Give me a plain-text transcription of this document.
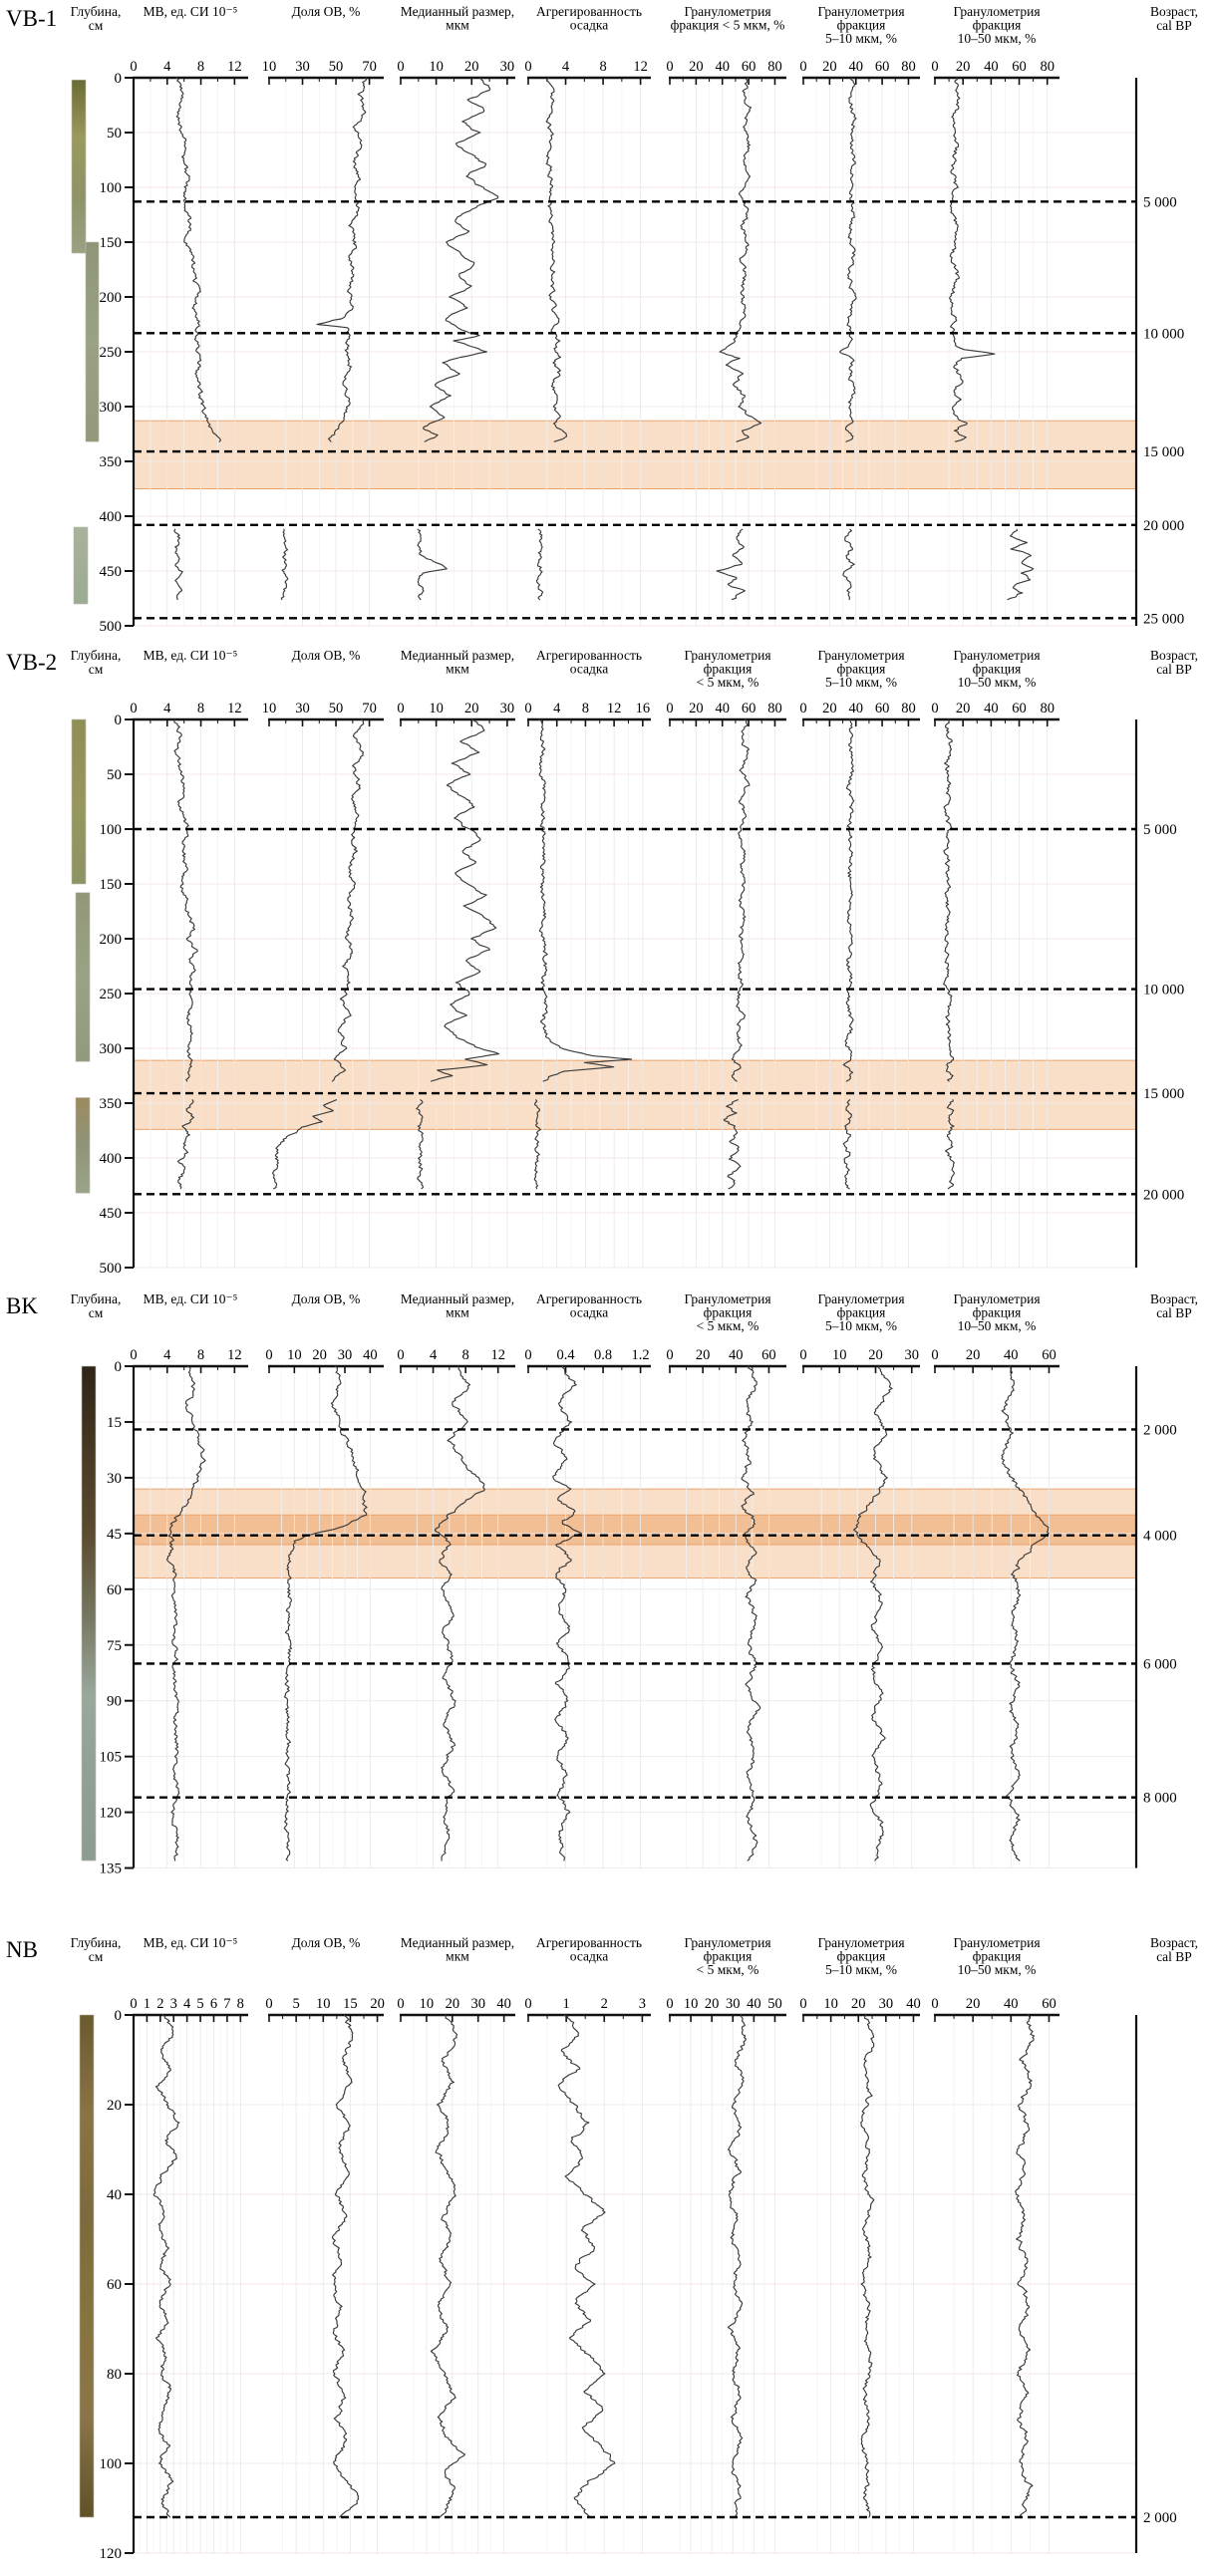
VB-1 Глубина,
см
Возраст,
cal BP
МВ, ед. СИ 10⁻⁵
0 4 8 12
Доля ОВ, %
10 30 50 70
Медианный размер,
мкм
0 10 20 30
Агрегированность
осадка
0 4 8 12
Гранулометрия
фракция < 5 мкм, %
0 20 40 60 80
Гранулометрия
фракция
5–10 мкм, %
0 20 40 60 80
Гранулометрия
фракция
10–50 мкм, %
0 20 40 60 80
0
50
100
150
200
250
300
350
400
450
500
5 000
10 000
15 000
20 000
25 000
VB-2 Глубина,
см
Возраст,
cal BP
МВ, ед. СИ 10⁻⁵
0 4 8 12
Доля ОВ, %
10 30 50 70
Медианный размер,
мкм
0 10 20 30
Агрегированность
осадка
0 4 8 12 16
Гранулометрия
фракция
< 5 мкм, %
0 20 40 60 80
Гранулометрия
фракция
5–10 мкм, %
0 20 40 60 80
Гранулометрия
фракция
10–50 мкм, %
0 20 40 60 80
0
50
100
150
200
250
300
350
400
450
500
5 000
10 000
15 000
20 000
BK Глубина,
см
Возраст,
cal BP
МВ, ед. СИ 10⁻⁵
0 4 8 12
Доля ОВ, %
0 10 20 30 40
Медианный размер,
мкм
0 4 8 12
Агрегированность
осадка
0 0.4 0.8 1.2
Гранулометрия
фракция
< 5 мкм, %
0 20 40 60
Гранулометрия
фракция
5–10 мкм, %
0 10 20 30
Гранулометрия
фракция
10–50 мкм, %
0 20 40 60
0
15
30
45
60
75
90
105
120
135
2 000
4 000
6 000
8 000
NB Глубина,
см
Возраст,
cal BP
МВ, ед. СИ 10⁻⁵
0 1 2 3 4 5 6 7 8
Доля ОВ, %
0 5 10 15 20
Медианный размер,
мкм
0 10 20 30 40
Агрегированность
осадка
0 1 2 3
Гранулометрия
фракция
< 5 мкм, %
0 10 20 30 40 50
Гранулометрия
фракция
5–10 мкм, %
0 10 20 30 40
Гранулометрия
фракция
10–50 мкм, %
0 20 40 60
0
20
40
60
80
100
120
2 000
